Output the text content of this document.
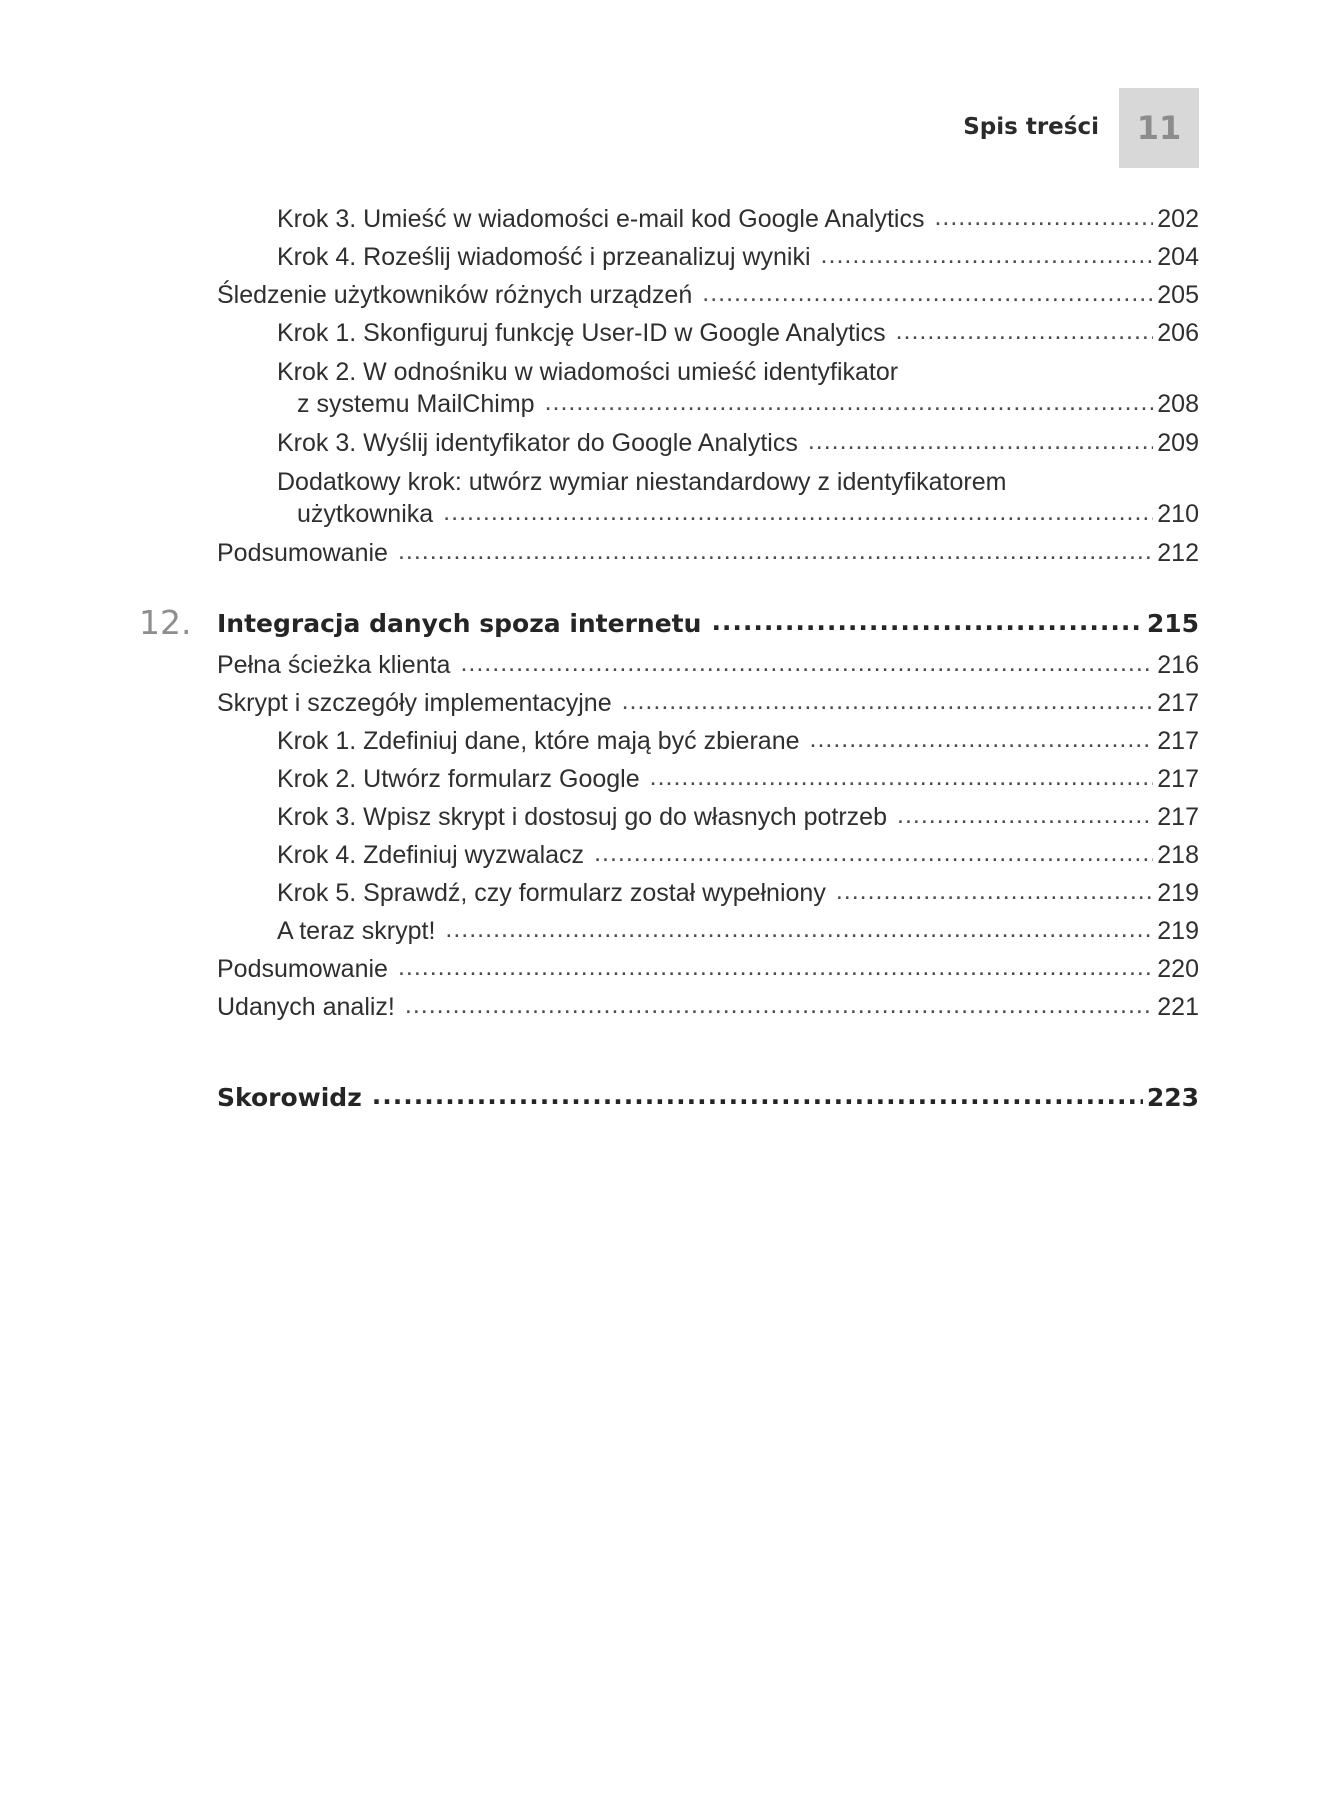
Spis treści 11
Krok 3. Umieść w wiadomości e-mail kod Google Analytics .....	202
Krok 4. Roześlij wiadomość i przeanalizuj wyniki .....	204
Śledzenie użytkowników różnych urządzeń .....	205
Krok 1. Skonfiguruj funkcję User-ID w Google Analytics .....	206
Krok 2. W odnośniku w wiadomości umieść identyfikator
z systemu MailChimp .....	208
Krok 3. Wyślij identyfikator do Google Analytics .....	209
Dodatkowy krok: utwórz wymiar niestandardowy z identyfikatorem
użytkownika .....	210
Podsumowanie .....	212
12. Integracja danych spoza internetu .....	215
Pełna ścieżka klienta .....	216
Skrypt i szczegóły implementacyjne .....	217
Krok 1. Zdefiniuj dane, które mają być zbierane .....	217
Krok 2. Utwórz formularz Google .....	217
Krok 3. Wpisz skrypt i dostosuj go do własnych potrzeb .....	217
Krok 4. Zdefiniuj wyzwalacz .....	218
Krok 5. Sprawdź, czy formularz został wypełniony .....	219
A teraz skrypt! .....	219
Podsumowanie .....	220
Udanych analiz! .....	221
Skorowidz .....	223
